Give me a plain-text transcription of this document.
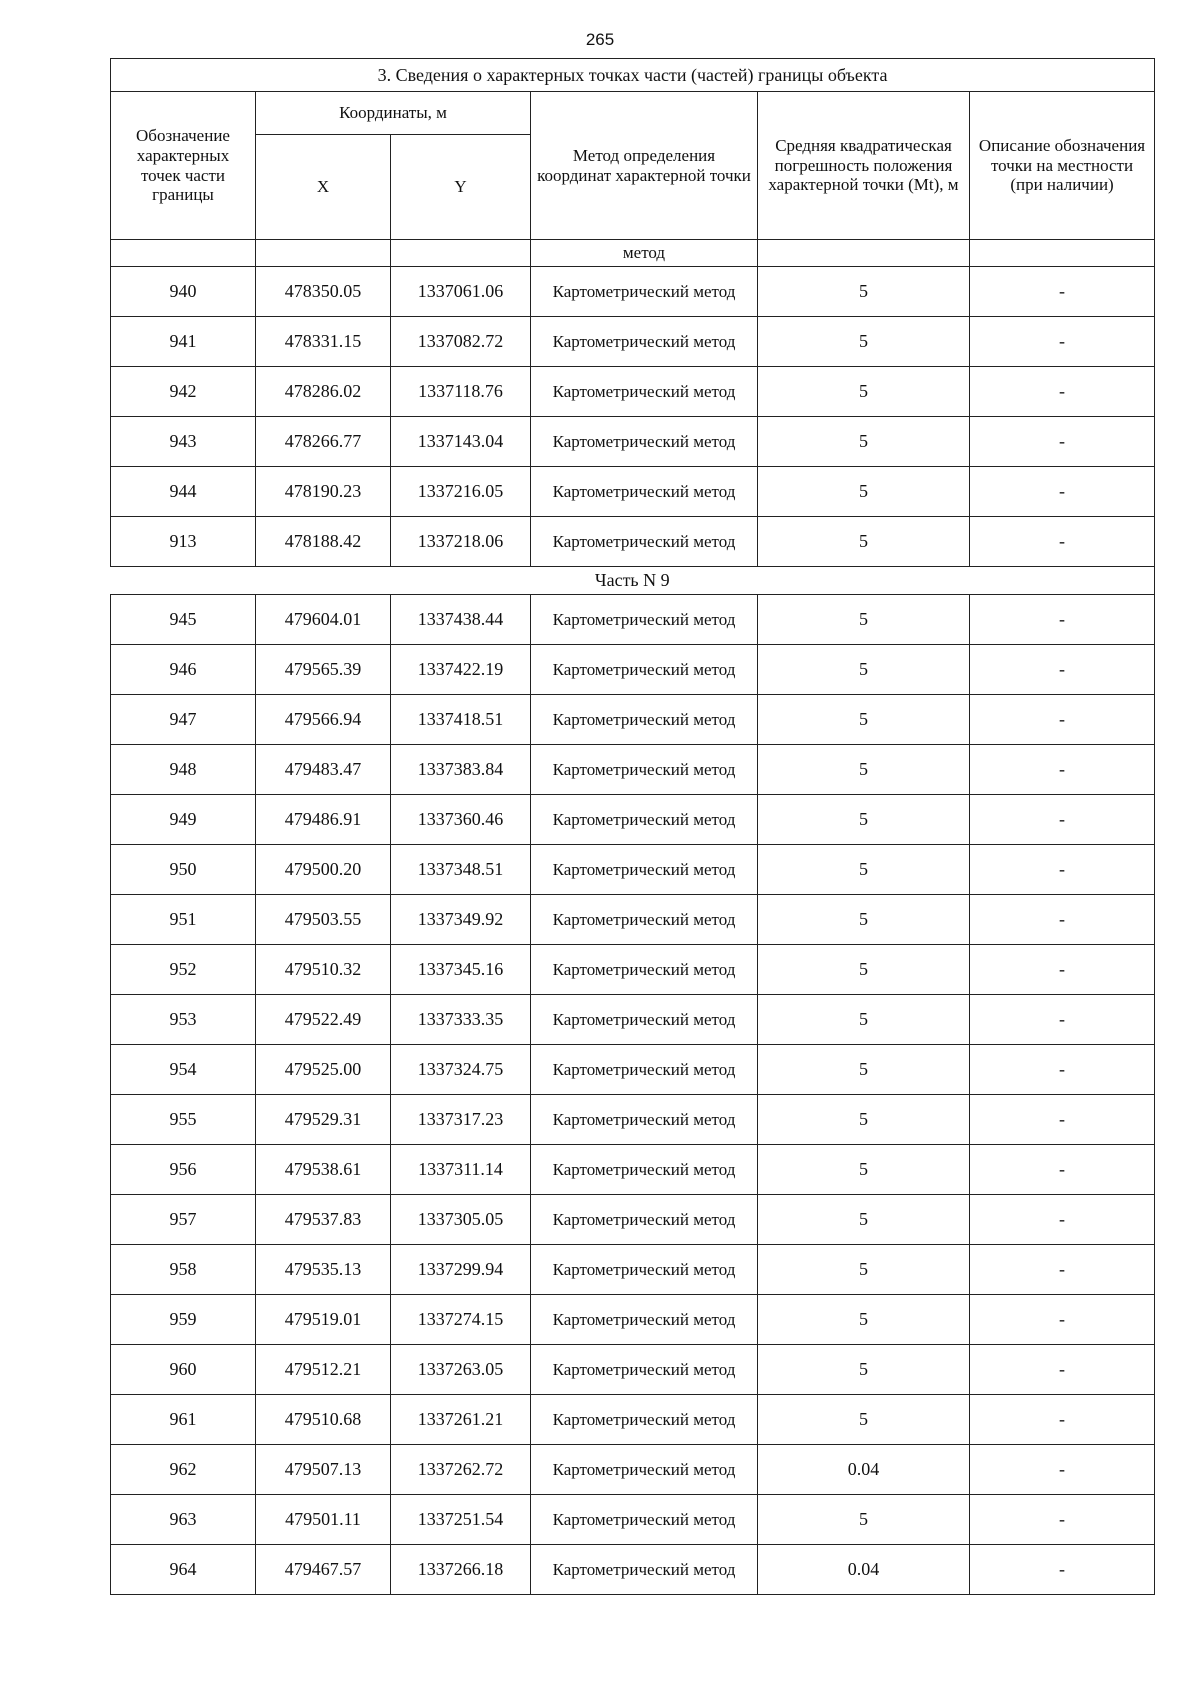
265
3. Сведения о характерных точках части (частей) границы объекта					
Обозначение характерных точек части границы	Координаты, м		Метод определения координат характерной точки	Средняя квадратическая погрешность положения характерной точки (Mt), м	Описание обозначения точки на местности (при наличии)
	X	Y			
			метод		
940	478350.05	1337061.06	Картометрический метод	5	-
941	478331.15	1337082.72	Картометрический метод	5	-
942	478286.02	1337118.76	Картометрический метод	5	-
943	478266.77	1337143.04	Картометрический метод	5	-
944	478190.23	1337216.05	Картометрический метод	5	-
913	478188.42	1337218.06	Картометрический метод	5	-
Часть N 9					
945	479604.01	1337438.44	Картометрический метод	5	-
946	479565.39	1337422.19	Картометрический метод	5	-
947	479566.94	1337418.51	Картометрический метод	5	-
948	479483.47	1337383.84	Картометрический метод	5	-
949	479486.91	1337360.46	Картометрический метод	5	-
950	479500.20	1337348.51	Картометрический метод	5	-
951	479503.55	1337349.92	Картометрический метод	5	-
952	479510.32	1337345.16	Картометрический метод	5	-
953	479522.49	1337333.35	Картометрический метод	5	-
954	479525.00	1337324.75	Картометрический метод	5	-
955	479529.31	1337317.23	Картометрический метод	5	-
956	479538.61	1337311.14	Картометрический метод	5	-
957	479537.83	1337305.05	Картометрический метод	5	-
958	479535.13	1337299.94	Картометрический метод	5	-
959	479519.01	1337274.15	Картометрический метод	5	-
960	479512.21	1337263.05	Картометрический метод	5	-
961	479510.68	1337261.21	Картометрический метод	5	-
962	479507.13	1337262.72	Картометрический метод	0.04	-
963	479501.11	1337251.54	Картометрический метод	5	-
964	479467.57	1337266.18	Картометрический метод	0.04	-
